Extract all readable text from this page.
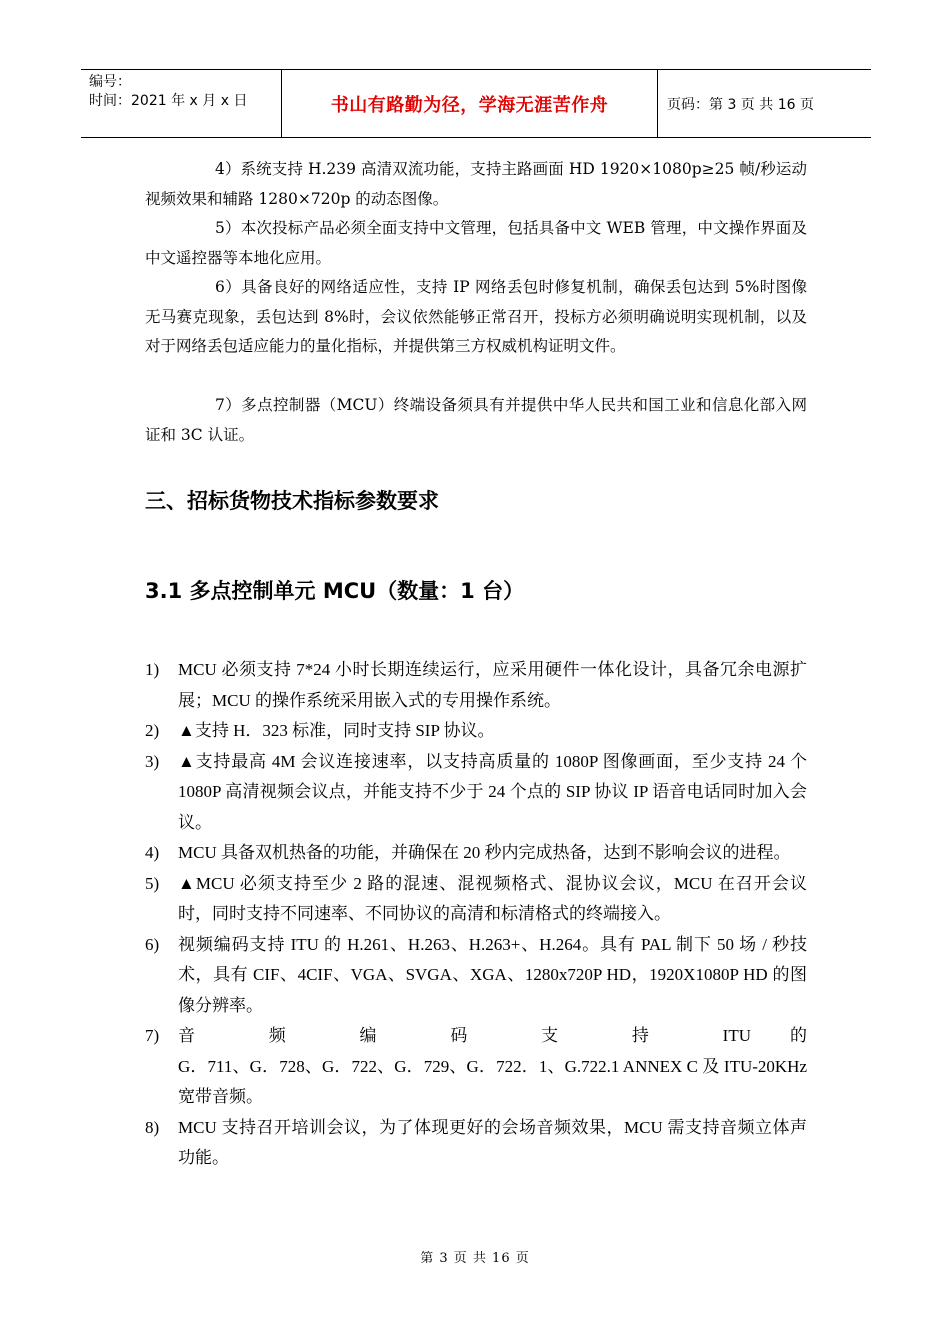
编号：
时间：2021 年 x 月 x 日	书山有路勤为径，学海无涯苦作舟	页码：第 3 页 共 16 页

4）系统支持 H.239 高清双流功能，支持主路画面 HD 1920×1080p≥25 帧/秒运动视频效果和辅路 1280×720p 的动态图像。

5）本次投标产品必须全面支持中文管理，包括具备中文 WEB 管理，中文操作界面及中文遥控器等本地化应用。

6）具备良好的网络适应性，支持 IP 网络丢包时修复机制，确保丢包达到 5%时图像无马赛克现象，丢包达到 8%时，会议依然能够正常召开，投标方必须明确说明实现机制，以及对于网络丢包适应能力的量化指标，并提供第三方权威机构证明文件。

7）多点控制器（MCU）终端设备须具有并提供中华人民共和国工业和信息化部入网证和 3C 认证。

三、招标货物技术指标参数要求
3.1 多点控制单元 MCU（数量：1 台）
1)	MCU 必须支持 7*24 小时长期连续运行，应采用硬件一体化设计，具备冗余电源扩展；MCU 的操作系统采用嵌入式的专用操作系统。
2)	▲支持 H．323 标准，同时支持 SIP 协议。
3)	▲支持最高 4M 会议连接速率，以支持高质量的 1080P 图像画面，至少支持 24 个 1080P 高清视频会议点，并能支持不少于 24 个点的 SIP 协议 IP 语音电话同时加入会议。
4)	MCU 具备双机热备的功能，并确保在 20 秒内完成热备，达到不影响会议的进程。
5)	▲MCU 必须支持至少 2 路的混速、混视频格式、混协议会议，MCU 在召开会议时，同时支持不同速率、不同协议的高清和标清格式的终端接入。
6)	视频编码支持 ITU 的 H.261、H.263、H.263+、H.264。具有 PAL 制下 50 场 / 秒技术，具有 CIF、4CIF、VGA、SVGA、XGA、1280x720P HD，1920X1080P HD 的图像分辨率。
7)	音 频 编 码 支 持 ITU 的
G．711、G．728、G．722、G．729、G．722．1、G.722.1 ANNEX C 及 ITU-20KHz 宽带音频。
8)	MCU 支持召开培训会议，为了体现更好的会场音频效果，MCU 需支持音频立体声功能。
第 3 页 共 16 页
